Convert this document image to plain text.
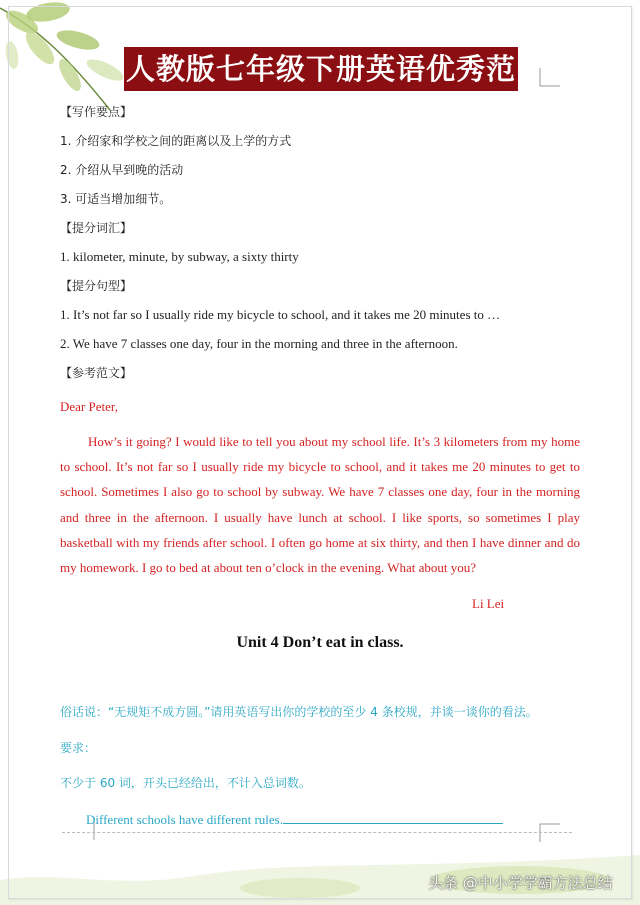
人教版七年级下册英语优秀范文
【写作要点】
1. 介绍家和学校之间的距离以及上学的方式
2. 介绍从早到晚的活动
3. 可适当增加细节。
【提分词汇】
1. kilometer, minute, by subway, a sixty thirty
【提分句型】
1. It’s not far so I usually ride my bicycle to school, and it takes me 20 minutes to …
2. We have 7 classes one day, four in the morning and three in the afternoon.
【参考范文】
Dear Peter,

How’s it going? I would like to tell you about my school life. It’s 3 kilometers from my home to school. It’s not far so I usually ride my bicycle to school, and it takes me 20 minutes to get to school. Sometimes I also go to school by subway. We have 7 classes one day, four in the morning and three in the afternoon. I usually have lunch at school. I like sports, so sometimes I play basketball with my friends after school. I often go home at six thirty, and then I have dinner and do my homework. I go to bed at about ten o’clock in the evening. What about you?

Li Lei
Unit 4 Don’t eat in class.
俗话说：“无规矩不成方圆。”请用英语写出你的学校的至少 4 条校规，并谈一谈你的看法。
要求：
不少于 60 词，开头已经给出，不计入总词数。
Different schools have different rules.
头条 @中小学学霸方法总结
